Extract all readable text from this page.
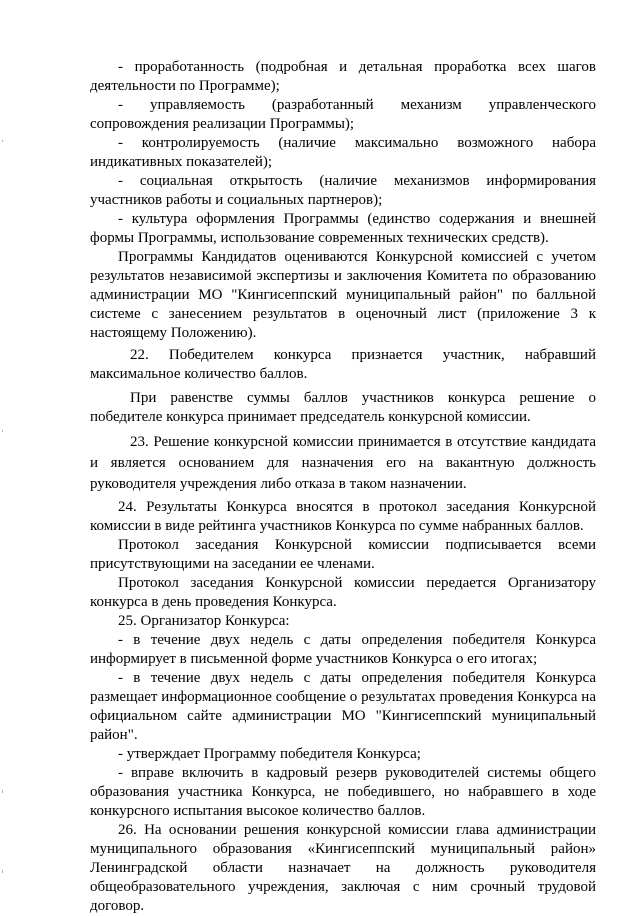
- проработанность (подробная и детальная проработка всех шагов деятельности по Программе);

- управляемость (разработанный механизм управленческого сопровождения реализации Программы);

- контролируемость (наличие максимально возможного набора индикативных показателей);

- социальная открытость (наличие механизмов информирования участников работы и социальных партнеров);

- культура оформления Программы (единство содержания и внешней формы Программы, использование современных технических средств).

Программы Кандидатов оцениваются Конкурсной комиссией с учетом результатов независимой экспертизы и заключения Комитета по образованию администрации МО "Кингисеппский муниципальный район" по балльной системе с занесением результатов в оценочный лист (приложение 3 к настоящему Положению).

22. Победителем конкурса признается участник, набравший максимальное количество баллов.

При равенстве суммы баллов участников конкурса решение о победителе конкурса принимает председатель конкурсной комиссии.

23. Решение конкурсной комиссии принимается в отсутствие кандидата и является основанием для назначения его на вакантную должность руководителя учреждения либо отказа в таком назначении.

24. Результаты Конкурса вносятся в протокол заседания Конкурсной комиссии в виде рейтинга участников Конкурса по сумме набранных баллов.

Протокол заседания Конкурсной комиссии подписывается всеми присутствующими на заседании ее членами.

Протокол заседания Конкурсной комиссии передается Организатору конкурса в день проведения Конкурса.

25. Организатор Конкурса:

- в течение двух недель с даты определения победителя Конкурса информирует в письменной форме участников Конкурса о его итогах;

- в течение двух недель с даты определения победителя Конкурса размещает информационное сообщение о результатах проведения Конкурса на официальном сайте администрации МО "Кингисеппский муниципальный район".

- утверждает Программу победителя Конкурса;

- вправе включить в кадровый резерв руководителей системы общего образования участника Конкурса, не победившего, но набравшего в ходе конкурсного испытания высокое количество баллов.

26. На основании решения конкурсной комиссии глава администрации муниципального образования «Кингисеппский муниципальный район» Ленинградской области назначает на должность руководителя общеобразовательного учреждения, заключая с ним срочный трудовой договор.
